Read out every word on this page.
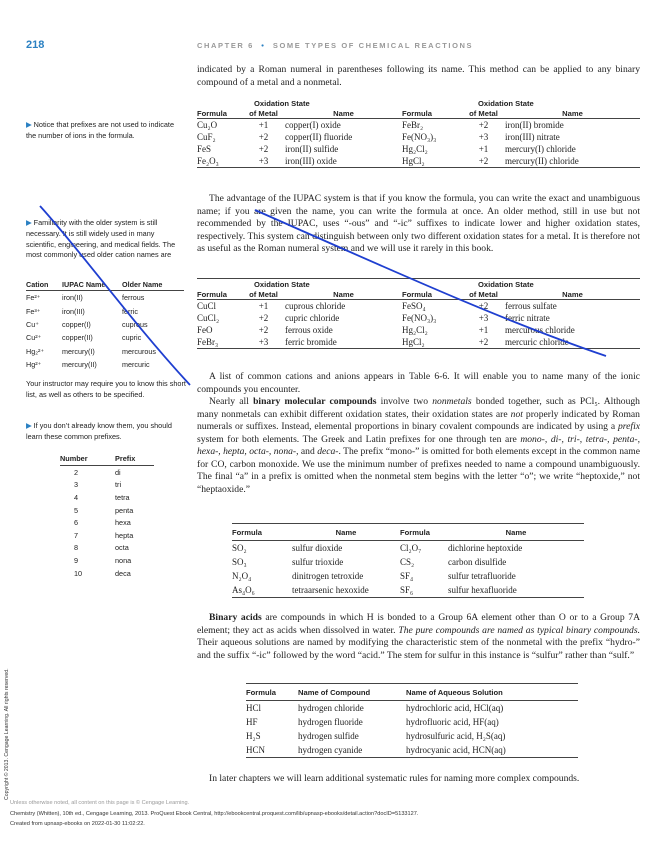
218	CHAPTER 6 • SOME TYPES OF CHEMICAL REACTIONS

indicated by a Roman numeral in parentheses following its name. This method can be applied to any binary compound of a metal and a nonmetal.

	Oxidation State			Oxidation State	
Formula	of Metal	Name	Formula	of Metal	Name
Cu₂O	+1	copper(I) oxide	FeBr₂	+2	iron(II) bromide
CuF₂	+2	copper(II) fluoride	Fe(NO₃)₃	+3	iron(III) nitrate
FeS	+2	iron(II) sulfide	Hg₂Cl₂	+1	mercury(I) chloride
Fe₂O₃	+3	iron(III) oxide	HgCl₂	+2	mercury(II) chloride

The advantage of the IUPAC system is that if you know the formula, you can write the exact and unambiguous name; if you are given the name, you can write the formula at once. An older method, still in use but not recommended by the IUPAC, uses “-ous” and “-ic” suffixes to indicate lower and higher oxidation states, respectively. This system can distinguish between only two different oxidation states for a metal. It is therefore not as useful as the Roman numeral system and we will use it rarely in this book.

	Oxidation State			Oxidation State	
Formula	of Metal	Name	Formula	of Metal	Name
CuCl	+1	cuprous chloride	FeSO₄	+2	ferrous sulfate
CuCl₂	+2	cupric chloride	Fe(NO₃)₃	+3	ferric nitrate
FeO	+2	ferrous oxide	Hg₂Cl₂	+1	mercurous chloride
FeBr₃	+3	ferric bromide	HgCl₂	+2	mercuric chloride

A list of common cations and anions appears in Table 6-6. It will enable you to name many of the ionic compounds you encounter.

Nearly all binary molecular compounds involve two nonmetals bonded together, such as PCl₅. Although many nonmetals can exhibit different oxidation states, their oxidation states are not properly indicated by Roman numerals or suffixes. Instead, elemental proportions in binary covalent compounds are indicated by using a prefix system for both elements. The Greek and Latin prefixes for one through ten are mono-, di-, tri-, tetra-, penta-, hexa-, hepta, octa-, nona-, and deca-. The prefix “mono-” is omitted for both elements except in the common name for CO, carbon monoxide. We use the minimum number of prefixes needed to name a compound unambiguously. The final “a” in a prefix is omitted when the nonmetal stem begins with the letter “o”; we write “heptoxide,” not “heptaoxide.”

Formula	Name	Formula	Name
SO₂	sulfur dioxide	Cl₂O₇	dichlorine heptoxide
SO₃	sulfur trioxide	CS₂	carbon disulfide
N₂O₄	dinitrogen tetroxide	SF₄	sulfur tetrafluoride
As₄O₆	tetraarsenic hexoxide	SF₆	sulfur hexafluoride

Binary acids are compounds in which H is bonded to a Group 6A element other than O or to a Group 7A element; they act as acids when dissolved in water. The pure compounds are named as typical binary compounds. Their aqueous solutions are named by modifying the characteristic stem of the nonmetal with the prefix “hydro-” and the suffix “-ic” followed by the word “acid.” The stem for sulfur in this instance is “sulfur” rather than “sulf.”

Formula	Name of Compound	Name of Aqueous Solution
HCl	hydrogen chloride	hydrochloric acid, HCl(aq)
HF	hydrogen fluoride	hydrofluoric acid, HF(aq)
H₂S	hydrogen sulfide	hydrosulfuric acid, H₂S(aq)
HCN	hydrogen cyanide	hydrocyanic acid, HCN(aq)

In later chapters we will learn additional systematic rules for naming more complex compounds.

▶ Notice that prefixes are not used to indicate the number of ions in the formula.
▶ Familiarity with the older system is still necessary. It is still widely used in many scientific, engineering, and medical fields. The most commonly used older cation names are
Cation	IUPAC Name	Older Name
Fe²⁺	iron(II)	ferrous
Fe³⁺	iron(III)	ferric
Cu⁺	copper(I)	cuprous
Cu²⁺	copper(II)	cupric
Hg₂²⁺	mercury(I)	mercurous
Hg²⁺	mercury(II)	mercuric
Your instructor may require you to know this short list, as well as others to be specified.
▶ If you don’t already know them, you should learn these common prefixes.
Number	Prefix
2	di
3	tri
4	tetra
5	penta
6	hexa
7	hepta
8	octa
9	nona
10	deca
Copyright © 2013. Cengage Learning. All rights reserved.
Unless otherwise noted, all content on this page is © Cengage Learning.
Chemistry (Whitten), 10th ed., Cengage Learning, 2013. ProQuest Ebook Central, http://ebookcentral.proquest.com/lib/upnasp-ebooks/detail.action?docID=5133127.
Created from upnasp-ebooks on 2022-01-30 11:02:22.
